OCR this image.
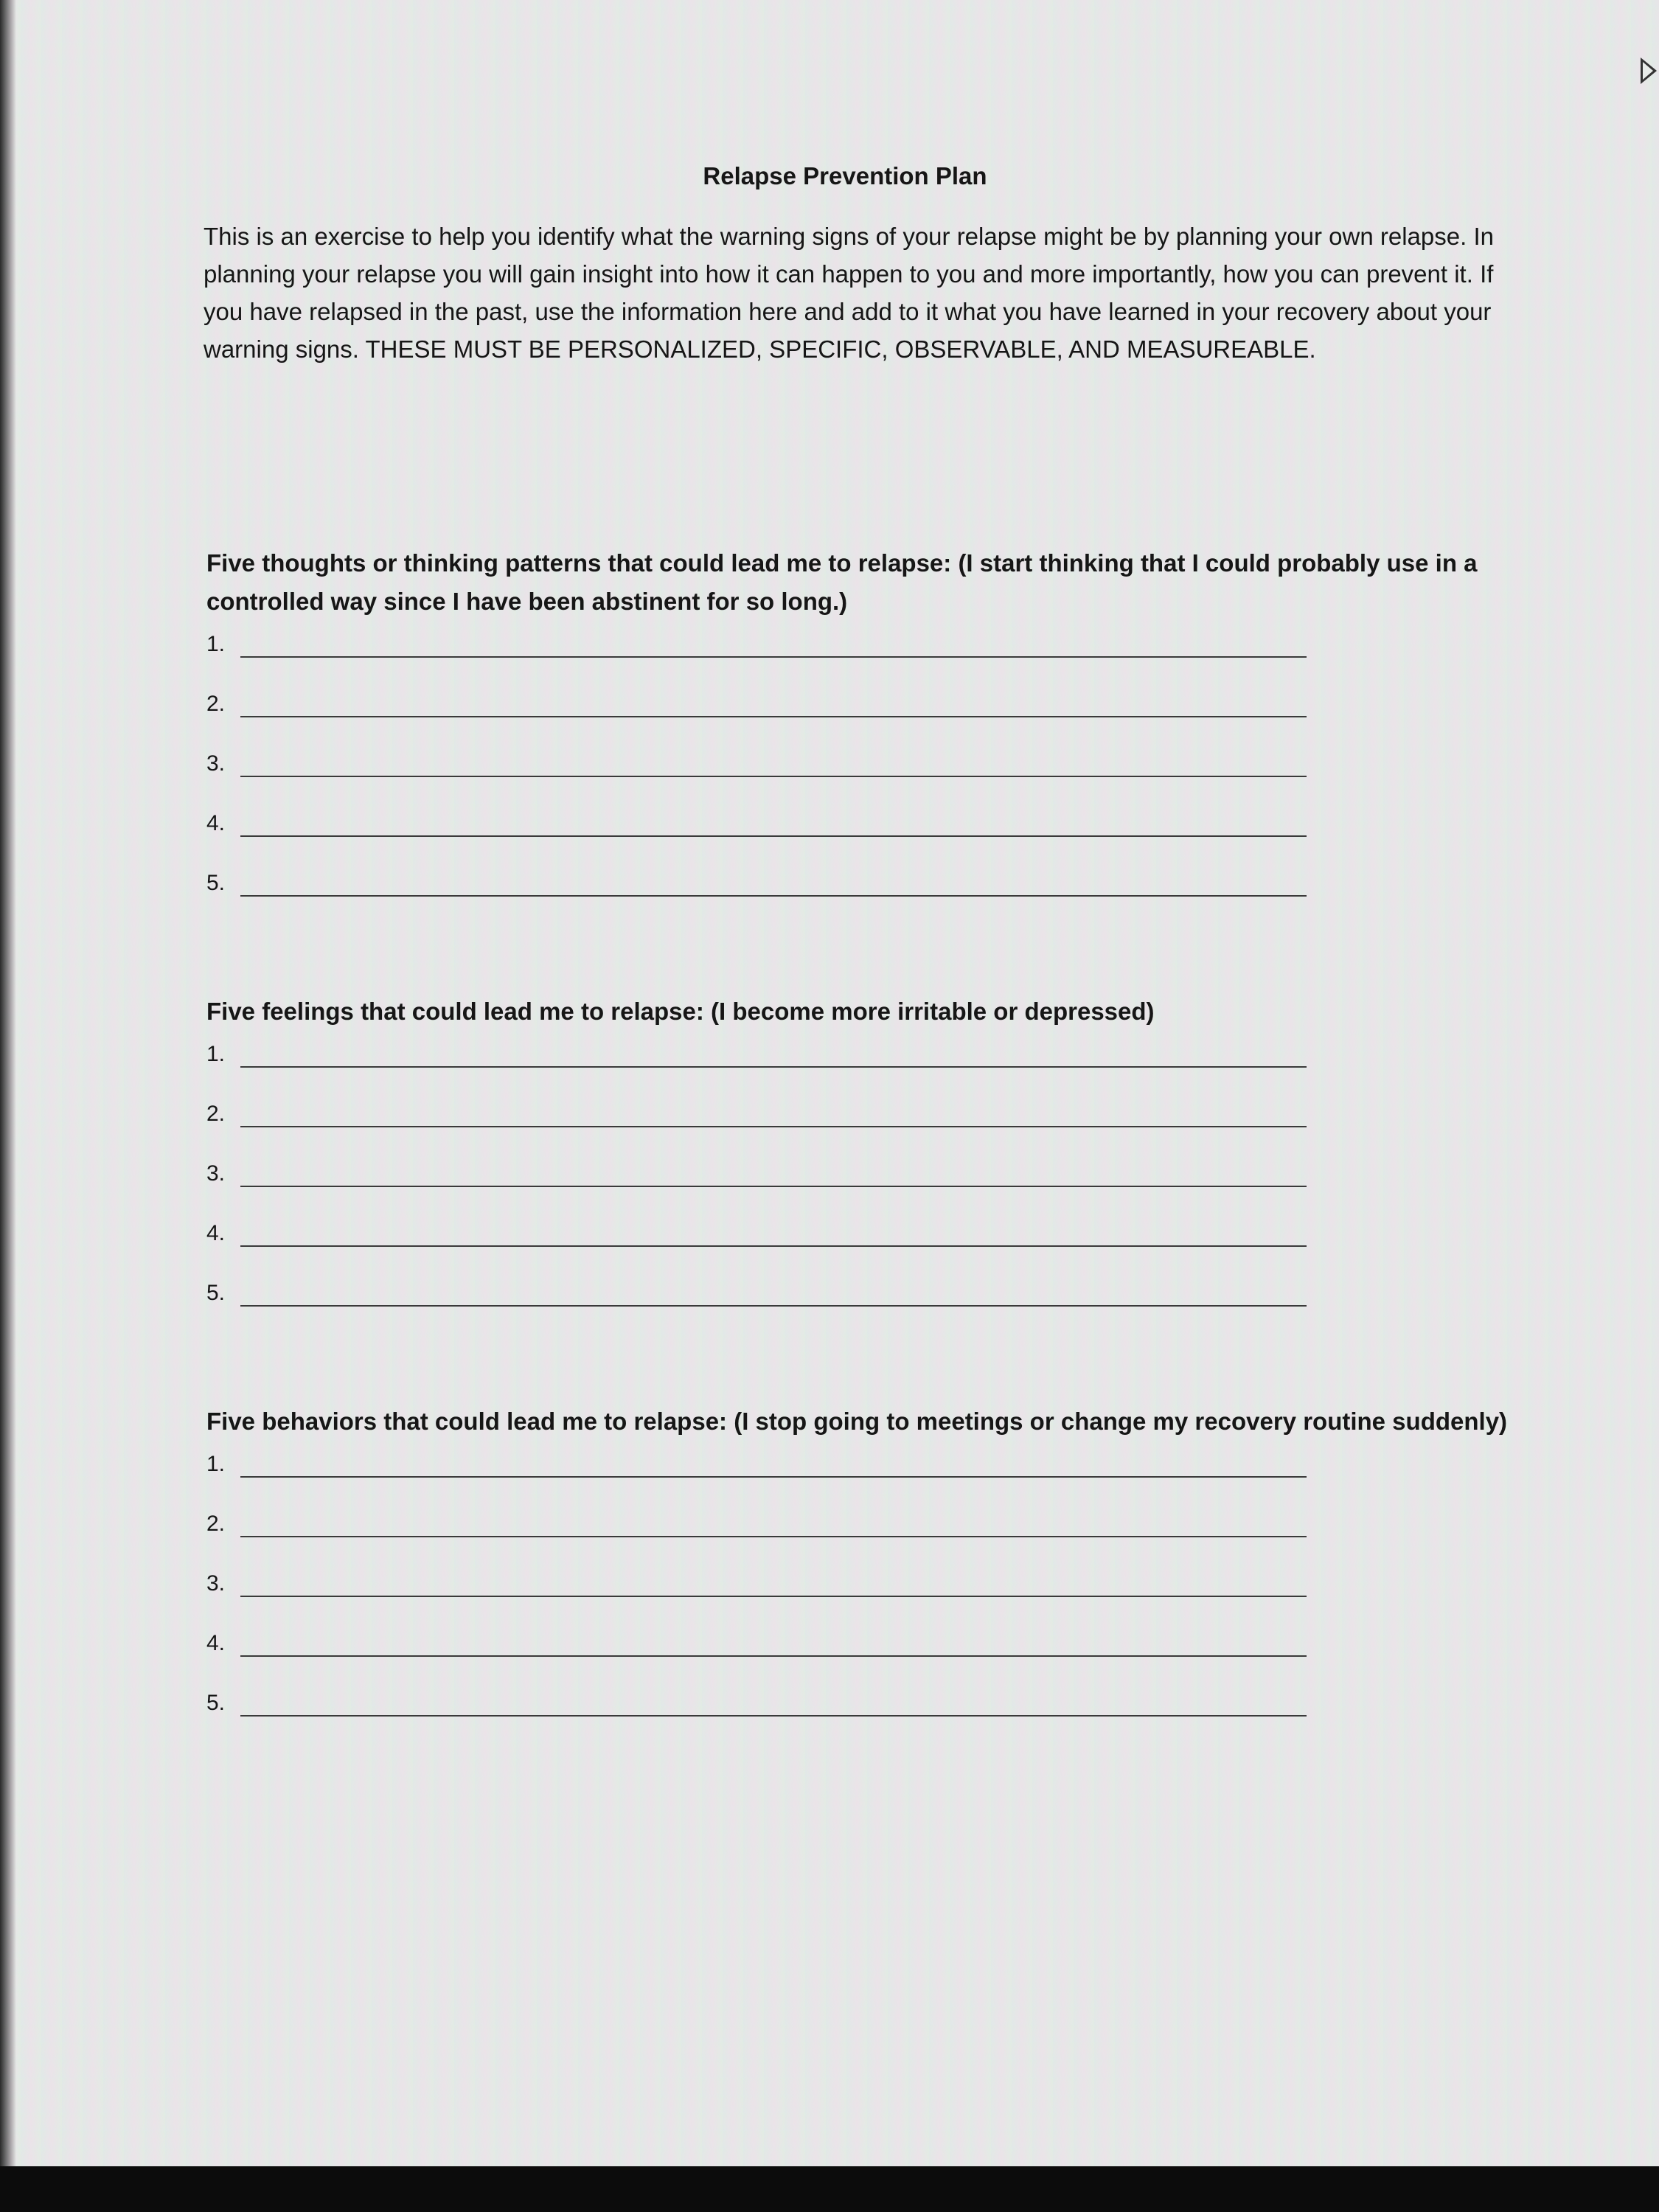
Relapse Prevention Plan
This is an exercise to help you identify what the warning signs of your relapse might be by planning your own relapse. In planning your relapse you will gain insight into how it can happen to you and more importantly, how you can prevent it. If you have relapsed in the past, use the information here and add to it what you have learned in your recovery about your warning signs. THESE MUST BE PERSONALIZED, SPECIFIC, OBSERVABLE, AND MEASUREABLE.

Five thoughts or thinking patterns that could lead me to relapse: (I start thinking that I could probably use in a controlled way since I have been abstinent for so long.)

1.
2.
3.
4.
5.

Five feelings that could lead me to relapse: (I become more irritable or depressed)

1.
2.
3.
4.
5.

Five behaviors that could lead me to relapse: (I stop going to meetings or change my recovery routine suddenly)

1.
2.
3.
4.
5.
